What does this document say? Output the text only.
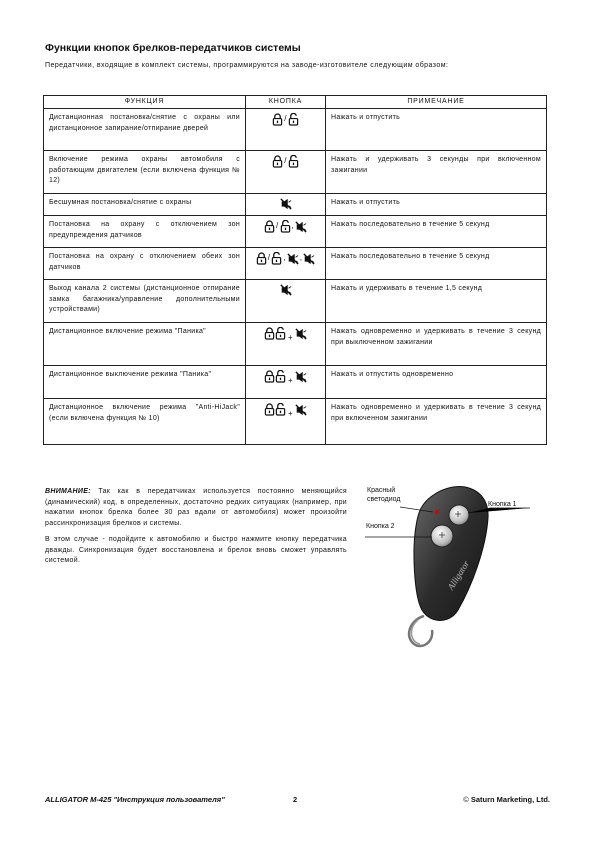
Функции кнопок брелков-передатчиков системы
Передатчики, входящие в комплект системы, программируются на заводе-изготовителе следующим образом:
ФУНКЦИЯ	КНОПКА	ПРИМЕЧАНИЕ
Дистанционная постановка/снятие с охраны или дистанционное запирание/отпирание дверей	/	Нажать и отпустить
Включение режима охраны автомобиля с работающим двигателем (если включена функция № 12)	/	Нажать и удерживать 3 секунды при включенном зажигании
Бесшумная постановка/снятие с охраны		Нажать и отпустить
Постановка на охрану с отключением зон предупреждения датчиков	/ ,	Нажать последовательно в течение 5 секунд
Постановка на охрану с отключением обеих зон датчиков	/ , ,	Нажать последовательно в течение 5 секунд
Выход канала 2 системы (дистанционное отпирание замка багажника/управление дополнительными устройствами)		Нажать и удерживать в течение 1,5 секунд
Дистанционное включение режима "Паника"	+	Нажать одновременно и удерживать в течение 3 секунд при выключенном зажигании
Дистанционное выключение режима "Паника"	+	Нажать и отпустить одновременно
Дистанционное включение режима "Anti-HiJack" (если включена функция № 10)	+	Нажать одновременно и удерживать в течение 3 секунд при включенном зажигании

ВНИМАНИЕ: Так как в передатчиках используется постоянно меняющийся (динамический) код, в определенных, достаточно редких ситуациях (например, при нажатии кнопок брелка более 30 раз вдали от автомобиля) может произойти рассинхронизация брелков и системы.

В этом случае - подойдите к автомобилю и быстро нажмите кнопку передатчика дважды. Синхронизация будет восстановлена и брелок вновь сможет управлять системой.	Alligator
Красный светодиод
Кнопка 1
Кнопка 2
ALLIGATOR M-425 "Инструкция пользователя"	2	© Saturn Marketing, Ltd.
